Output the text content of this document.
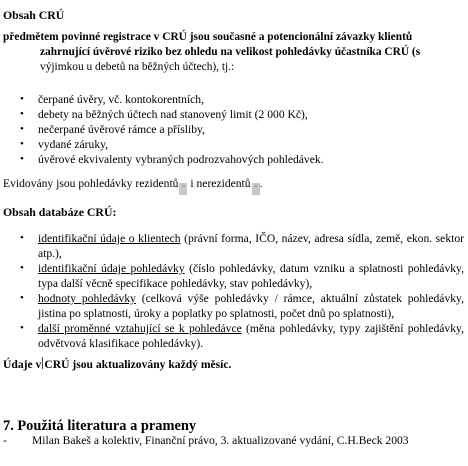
Obsah CRÚ
předmětem povinné registrace v CRÚ jsou současné a potencionální závazky klientů
zahrnující úvěrové riziko bez ohledu na velikost pohledávky účastníka CRÚ (s
výjimkou u debetů na běžných účtech), tj.:
• čerpané úvěry, vč. kontokorentních,
• debety na běžných účtech nad stanovený limit (2 000 Kč),
• nečerpané úvěrové rámce a přísliby,
• vydané záruky,
• úvěrové ekvivalenty vybraných podrozvahových pohledávek.
Evidovány jsou pohledávky rezidentů ▫ i nerezidentů ▫ .
Obsah databáze CRÚ:
• identifikační údaje o klientech (právní forma, IČO, název, adresa sídla, země, ekon. sektor atp.),
• identifikační údaje pohledávky (číslo pohledávky, datum vzniku a splatnosti pohledávky, typa další věcně specifikace pohledávky, stav pohledávky),
• hodnoty pohledávky (celková výše pohledávky / rámce, aktuální zůstatek pohledávky, jistina po splatnosti, úroky a poplatky po splatnosti, počet dnů po splatnosti),
• další proměnné vztahující se k pohledávce (měna pohledávky, typy zajištění pohledávky, odvětvová klasifikace pohledávky).
Údaje v CRÚ jsou aktualizovány každý měsíc.
7. Použitá literatura a prameny
- Milan Bakeš a kolektiv, Finanční právo, 3. aktualizované vydání, C.H.Beck 2003
